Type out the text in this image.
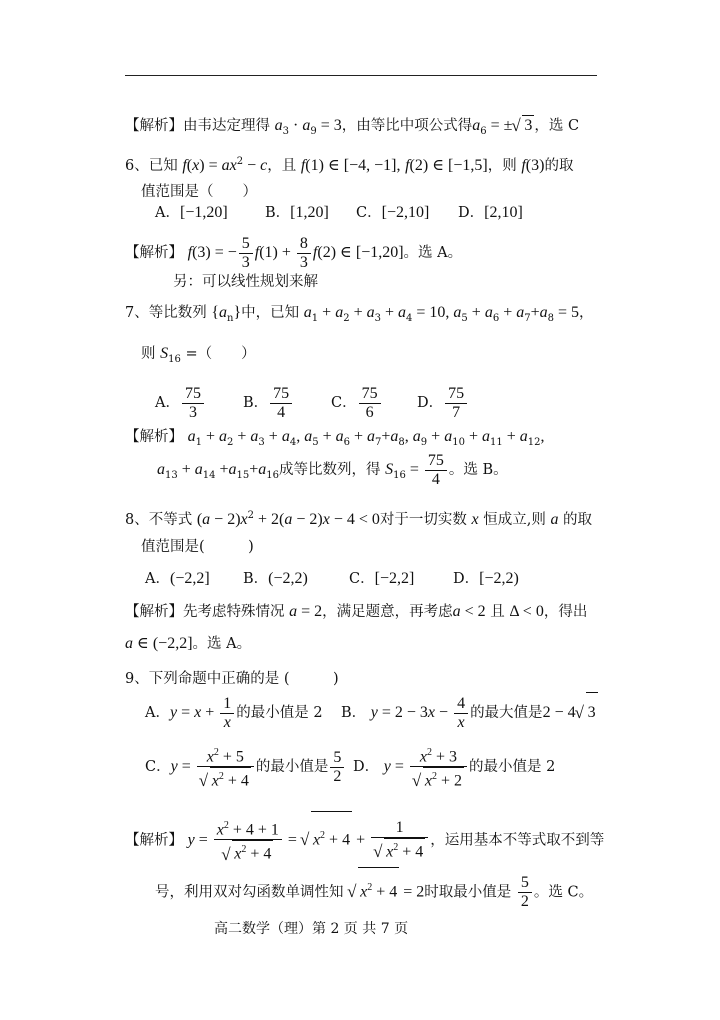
【解析】由韦达定理得 $a_3 \cdot a_9 = 3$，由等比中项公式得$a_6$ = ± √ 3 ，选 C
6、已知 $f(x) = ax^2 - c$，且 f(1) ∈ [−4, −1], f(2) ∈ [−1,5]，则 f(3)的取
值范围是（　　）
A．[−1,20]	B．[1,20] C．[−2,10] D．[2,10]
【解析】 f(3) = − $\frac{5}{3} f(1) + \frac{8}{3} f(2)$ ∈ [−1,20]。选 A。
另：可以线性规划来解
7、等比数列 $\{a_n\}$中，已知 $a_1 + a_2 + a_3 + a_4 = 10$, $a_5 + a_6 + a_7+a_8 = 5$，
则 $S_{16}$ =（　　）
A． $\frac{75}{3}$	B． $\frac{75}{4}$	C． $\frac{75}{6}$	D． $\frac{75}{7}$
【解析】 $a_1 + a_2 + a_3 + a_4$, $a_5 + a_6 + a_7+a_8$, $a_9 + a_{10} + a_{11} + a_{12}$,
$a_{13} + a_{14} +a_{15}+a_{16}$成等比数列，得 $S_{16} = \frac{75}{4}$ 。选 B。
8、不等式 $(a - 2)x^2 + 2(a - 2)x - 4 < 0$对于一切实数 x 恒成立,则 a 的取
值范围是(　　　)
A．(−2,2] B．(−2,2)	C．[−2,2]	D．[−2,2)
【解析】先考虑特殊情况 a = 2，满足题意，再考虑a < 2 且 Δ < 0，得出
a ∈ (−2,2]。选 A。
9、下列命题中正确的是 (　　　)
A．$y = x + \frac{1}{x}$ 的最小值是 2 B． $y = 2 - 3x - \frac{4}{x}$ 的最大值是2 − 4 √ 3
C．$y = x^2 + 5$
√ $x^2 + 4$ 的最小值是 $\frac{5}{2}$ D． $y = x^2 + 3$
√ $x^2 + 2$ 的最小值是 2
【解析】 $y = x^2 + 4 + 1$
√ $x^2 + 4$ = √ $x^2 + 4 + 1$
√ $x^2 + 4$ ，运用基本不等式取不到等
号，利用双对勾函数单调性知 √ $x^2 + 4 = 2$时取最小值是 $\frac{5}{2}$ 。选 C。
高二数学（理）第 2 页 共 7 页
